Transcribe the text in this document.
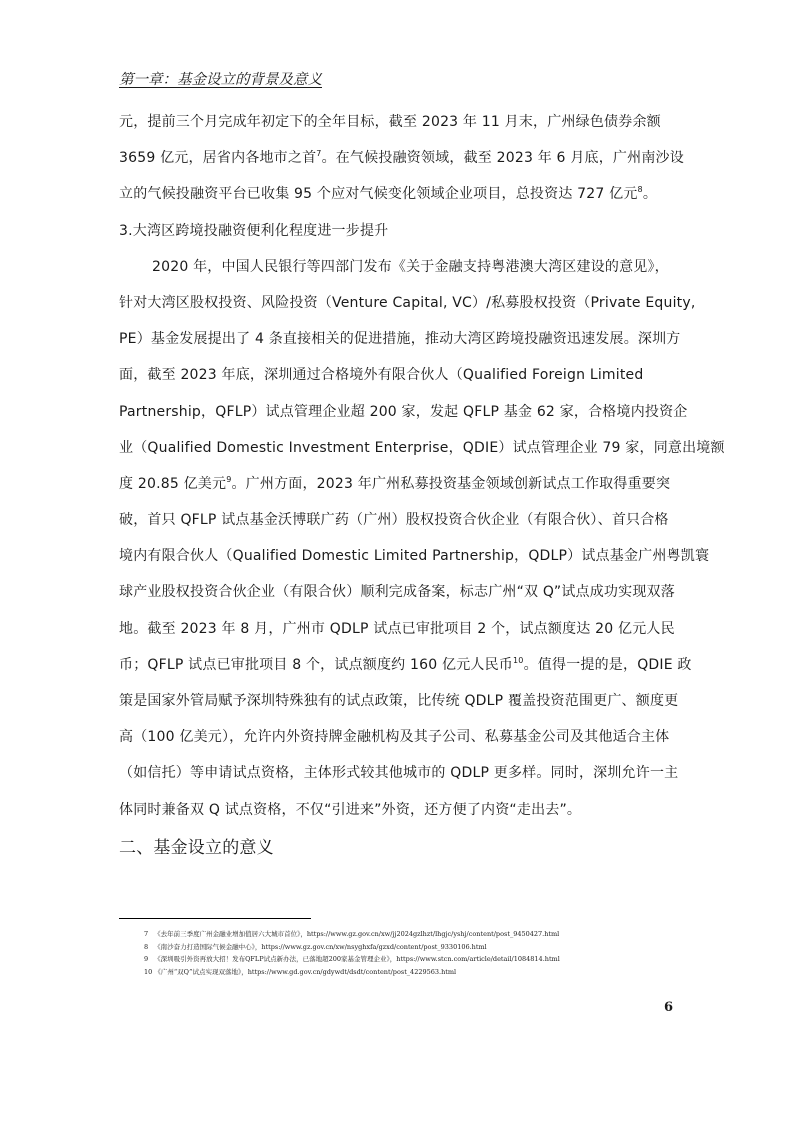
第一章：基金设立的背景及意义
元，提前三个月完成年初定下的全年目标，截至 2023 年 11 月末，广州绿色债券余额
3659 亿元，居省内各地市之首$^7$。在气候投融资领域，截至 2023 年 6 月底，广州南沙设
立的气候投融资平台已收集 95 个应对气候变化领域企业项目，总投资达 727 亿元$^8$。
3.大湾区跨境投融资便利化程度进一步提升
2020 年，中国人民银行等四部门发布《关于金融支持粤港澳大湾区建设的意见》，
针对大湾区股权投资、风险投资（Venture Capital, VC）/私募股权投资（Private Equity,
PE）基金发展提出了 4 条直接相关的促进措施，推动大湾区跨境投融资迅速发展。深圳方
面，截至 2023 年底，深圳通过合格境外有限合伙人（Qualified Foreign Limited
Partnership，QFLP）试点管理企业超 200 家，发起 QFLP 基金 62 家，合格境内投资企
业（Qualified Domestic Investment Enterprise，QDIE）试点管理企业 79 家，同意出境额
度 20.85 亿美元$^9$。广州方面，2023 年广州私募投资基金领域创新试点工作取得重要突
破，首只 QFLP 试点基金沃博联广药（广州）股权投资合伙企业（有限合伙）、首只合格
境内有限合伙人（Qualified Domestic Limited Partnership，QDLP）试点基金广州粤凯寰
球产业股权投资合伙企业（有限合伙）顺利完成备案，标志广州“双 Q”试点成功实现双落
地。截至 2023 年 8 月，广州市 QDLP 试点已审批项目 2 个，试点额度达 20 亿元人民
币；QFLP 试点已审批项目 8 个，试点额度约 160 亿元人民币$^{10}$。值得一提的是，QDIE 政
策是国家外管局赋予深圳特殊独有的试点政策，比传统 QDLP 覆盖投资范围更广、额度更
高（100 亿美元），允许内外资持牌金融机构及其子公司、私募基金公司及其他适合主体
（如信托）等申请试点资格，主体形式较其他城市的 QDLP 更多样。同时，深圳允许一主
体同时兼备双 Q 试点资格，不仅“引进来”外资，还方便了内资“走出去”。
二、基金设立的意义
7 《去年前三季度广州金融业增加值居六大城市首位》，https://www.gz.gov.cn/xw/jj2024gzlhzt/lhgjc/yshj/content/post_9450427.html
8 《南沙奋力打造国际气候金融中心》，https://www.gz.gov.cn/xw/nsyghxfa/gzxd/content/post_9330106.html
9 《深圳吸引外资再放大招！发布QFLP试点新办法，已落地超200家基金管理企业》，https://www.stcn.com/article/detail/1084814.html
10 《广州“双Q”试点实现双落地》，https://www.gd.gov.cn/gdywdt/dsdt/content/post_4229563.html
6
